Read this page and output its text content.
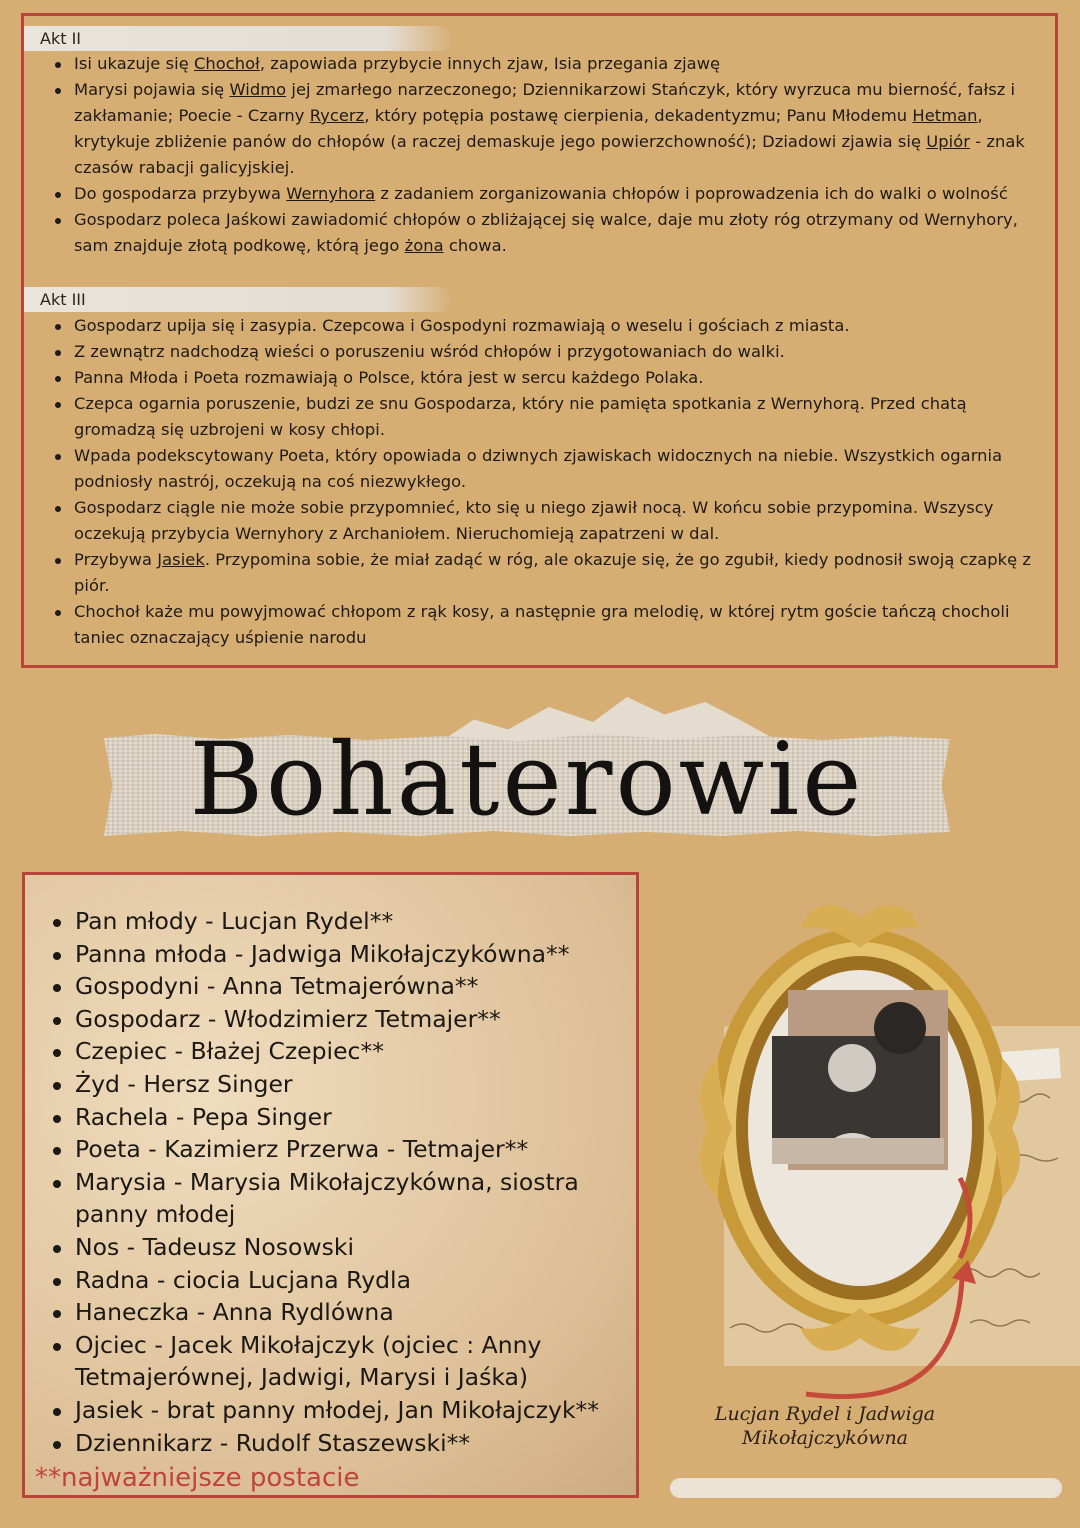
Akt II
Isi ukazuje się Chochoł, zapowiada przybycie innych zjaw, Isia przegania zjawę
Marysi pojawia się Widmo jej zmarłego narzeczonego; Dziennikarzowi Stańczyk, który wyrzuca mu bierność, fałsz i zakłamanie; Poecie - Czarny Rycerz, który potępia postawę cierpienia, dekadentyzmu; Panu Młodemu Hetman, krytykuje zbliżenie panów do chłopów (a raczej demaskuje jego powierzchowność); Dziadowi zjawia się Upiór - znak czasów rabacji galicyjskiej.
Do gospodarza przybywa Wernyhora z zadaniem zorganizowania chłopów i poprowadzenia ich do walki o wolność
Gospodarz poleca Jaśkowi zawiadomić chłopów o zbliżającej się walce, daje mu złoty róg otrzymany od Wernyhory, sam znajduje złotą podkowę, którą jego żona chowa.
Akt III
Gospodarz upija się i zasypia. Czepcowa i Gospodyni rozmawiają o weselu i gościach z miasta.
Z zewnątrz nadchodzą wieści o poruszeniu wśród chłopów i przygotowaniach do walki.
Panna Młoda i Poeta rozmawiają o Polsce, która jest w sercu każdego Polaka.
Czepca ogarnia poruszenie, budzi ze snu Gospodarza, który nie pamięta spotkania z Wernyhorą. Przed chatą gromadzą się uzbrojeni w kosy chłopi.
Wpada podekscytowany Poeta, który opowiada o dziwnych zjawiskach widocznych na niebie. Wszystkich ogarnia podniosły nastrój, oczekują na coś niezwykłego.
Gospodarz ciągle nie może sobie przypomnieć, kto się u niego zjawił nocą. W końcu sobie przypomina. Wszyscy oczekują przybycia Wernyhory z Archaniołem. Nieruchomieją zapatrzeni w dal.
Przybywa Jasiek. Przypomina sobie, że miał zadąć w róg, ale okazuje się, że go zgubił, kiedy podnosił swoją czapkę z piór.
Chochoł każe mu powyjmować chłopom z rąk kosy, a następnie gra melodię, w której rytm goście tańczą chocholi taniec oznaczający uśpienie narodu
Bohaterowie
Pan młody - Lucjan Rydel**
Panna młoda - Jadwiga Mikołajczykówna**
Gospodyni - Anna Tetmajerówna**
Gospodarz - Włodzimierz Tetmajer**
Czepiec - Błażej Czepiec**
Żyd - Hersz Singer
Rachela - Pepa Singer
Poeta - Kazimierz Przerwa - Tetmajer**
Marysia - Marysia Mikołajczykówna, siostra panny młodej
Nos - Tadeusz Nosowski
Radna - ciocia Lucjana Rydla
Haneczka - Anna Rydlówna
Ojciec - Jacek Mikołajczyk (ojciec : Anny Tetmajerównej, Jadwigi, Marysi i Jaśka)
Jasiek - brat panny młodej, Jan Mikołajczyk**
Dziennikarz - Rudolf Staszewski**
**najważniejsze postacie
Lucjan Rydel i Jadwiga
Mikołajczykówna
